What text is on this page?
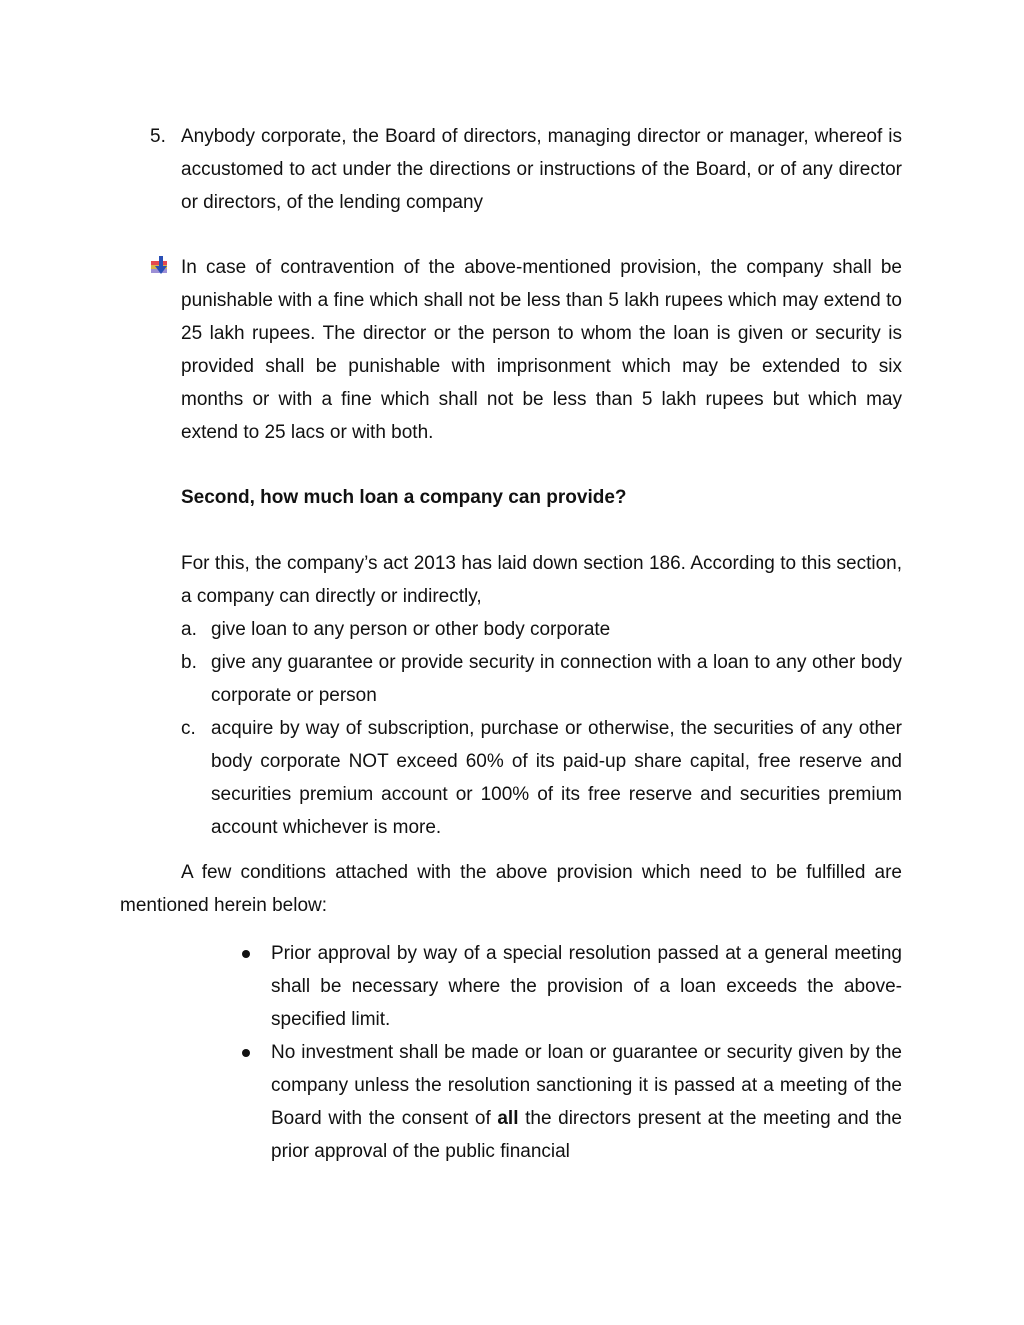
5. Anybody corporate, the Board of directors, managing director or manager, whereof is accustomed to act under the directions or instructions of the Board, or of any director or directors, of the lending company
In case of contravention of the above-mentioned provision, the company shall be punishable with a fine which shall not be less than 5 lakh rupees which may extend to 25 lakh rupees. The director or the person to whom the loan is given or security is provided shall be punishable with imprisonment which may be extended to six months or with a fine which shall not be less than 5 lakh rupees but which may extend to 25 lacs or with both.
Second, how much loan a company can provide?
For this, the company’s act 2013 has laid down section 186. According to this section, a company can directly or indirectly,
a. give loan to any person or other body corporate
b. give any guarantee or provide security in connection with a loan to any other body corporate or person
c. acquire by way of subscription, purchase or otherwise, the securities of any other body corporate NOT exceed 60% of its paid-up share capital, free reserve and securities premium account or 100% of its free reserve and securities premium account whichever is more.
A few conditions attached with the above provision which need to be fulfilled are mentioned herein below:
Prior approval by way of a special resolution passed at a general meeting shall be necessary where the provision of a loan exceeds the above-specified limit.
No investment shall be made or loan or guarantee or security given by the company unless the resolution sanctioning it is passed at a meeting of the Board with the consent of all the directors present at the meeting and the prior approval of the public financial
